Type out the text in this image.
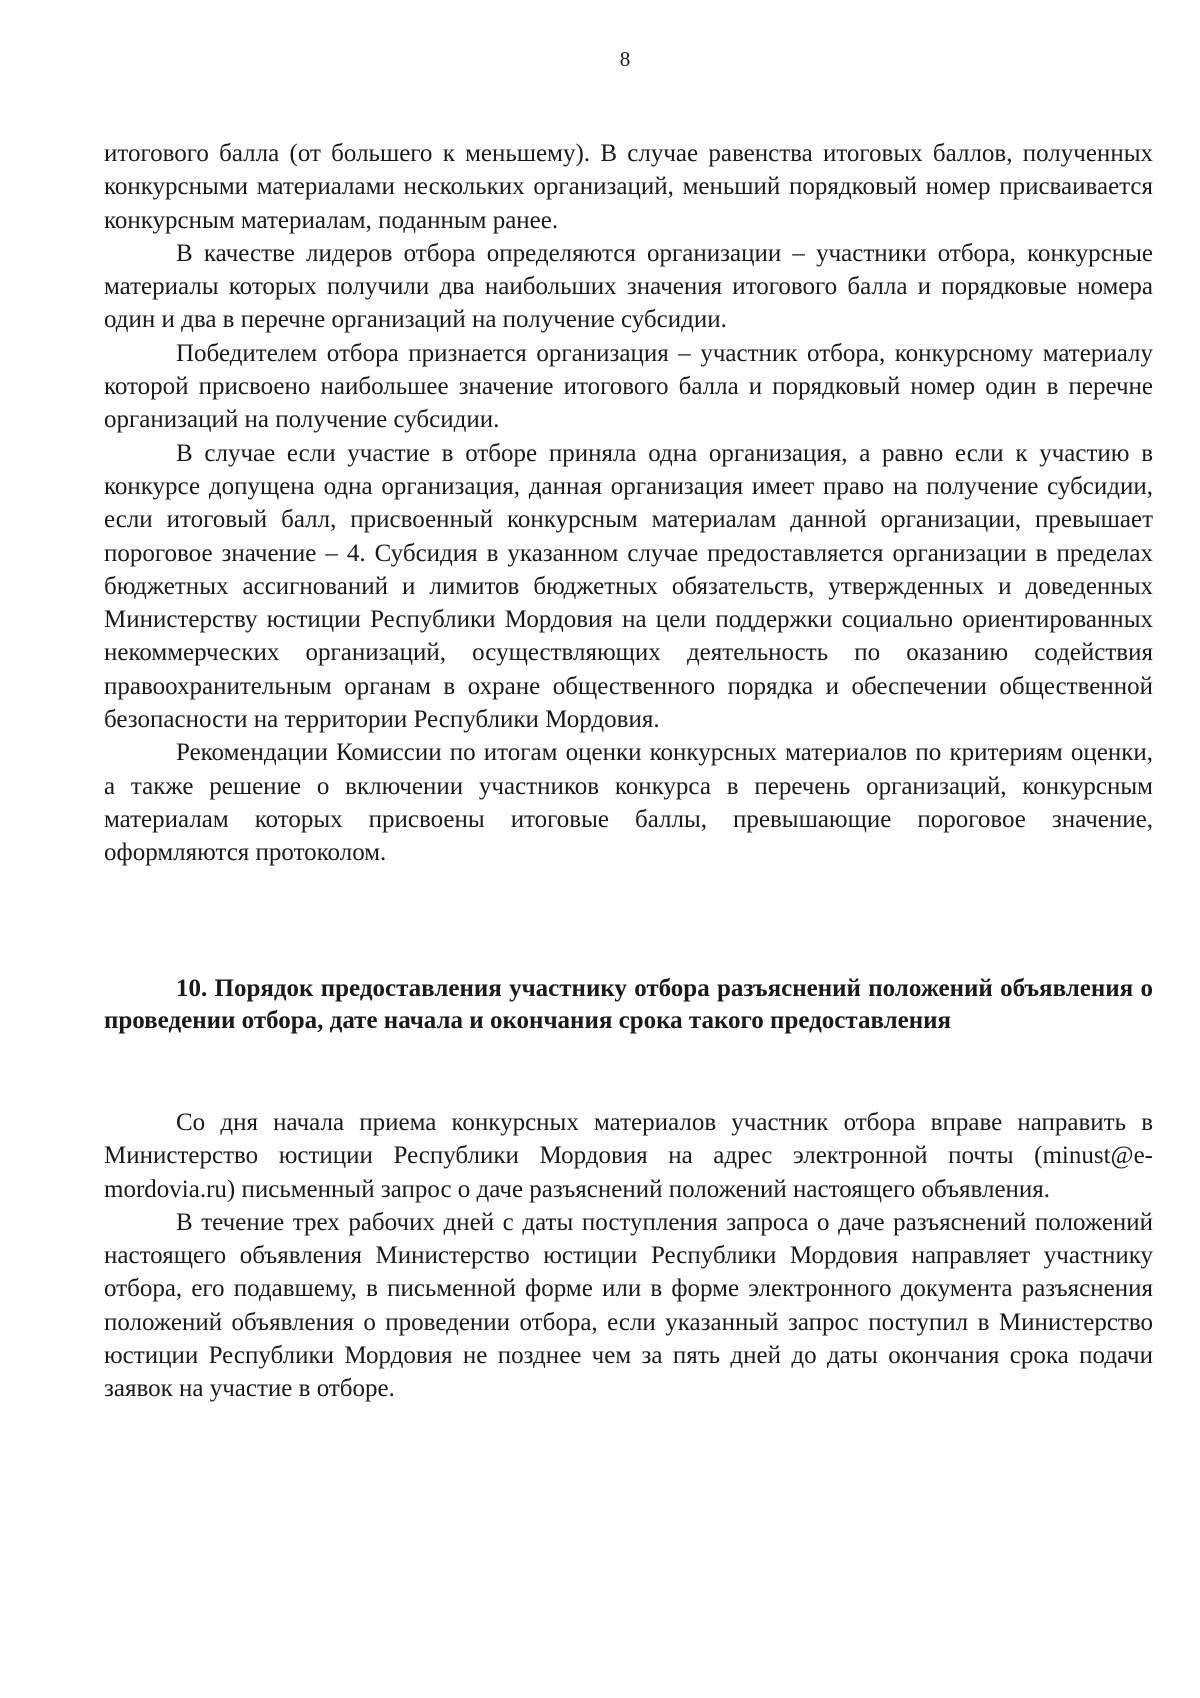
8

итогового балла (от большего к меньшему). В случае равенства итоговых баллов, полученных конкурсными материалами нескольких организаций, меньший порядковый номер присваивается конкурсным материалам, поданным ранее.

В качестве лидеров отбора определяются организации – участники отбора, конкурсные материалы которых получили два наибольших значения итогового балла и порядковые номера один и два в перечне организаций на получение субсидии.

Победителем отбора признается организация – участник отбора, конкурсному материалу которой присвоено наибольшее значение итогового балла и порядковый номер один в перечне организаций на получение субсидии.

В случае если участие в отборе приняла одна организация, а равно если к участию в конкурсе допущена одна организация, данная организация имеет право на получение субсидии, если итоговый балл, присвоенный конкурсным материалам данной организации, превышает пороговое значение – 4. Субсидия в указанном случае предоставляется организации в пределах бюджетных ассигнований и лимитов бюджетных обязательств, утвержденных и доведенных Министерству юстиции Республики Мордовия на цели поддержки социально ориентированных некоммерческих организаций, осуществляющих деятельность по оказанию содействия правоохранительным органам в охране общественного порядка и обеспечении общественной безопасности на территории Республики Мордовия.

Рекомендации Комиссии по итогам оценки конкурсных материалов по критериям оценки, а также решение о включении участников конкурса в перечень организаций, конкурсным материалам которых присвоены итоговые баллы, превышающие пороговое значение, оформляются протоколом.

10. Порядок предоставления участнику отбора разъяснений положений объявления о проведении отбора, дате начала и окончания срока такого предоставления

Со дня начала приема конкурсных материалов участник отбора вправе направить в Министерство юстиции Республики Мордовия на адрес электронной почты (minust@e-mordovia.ru) письменный запрос о даче разъяснений положений настоящего объявления.

В течение трех рабочих дней с даты поступления запроса о даче разъяснений положений настоящего объявления Министерство юстиции Республики Мордовия направляет участнику отбора, его подавшему, в письменной форме или в форме электронного документа разъяснения положений объявления о проведении отбора, если указанный запрос поступил в Министерство юстиции Республики Мордовия не позднее чем за пять дней до даты окончания срока подачи заявок на участие в отборе.
